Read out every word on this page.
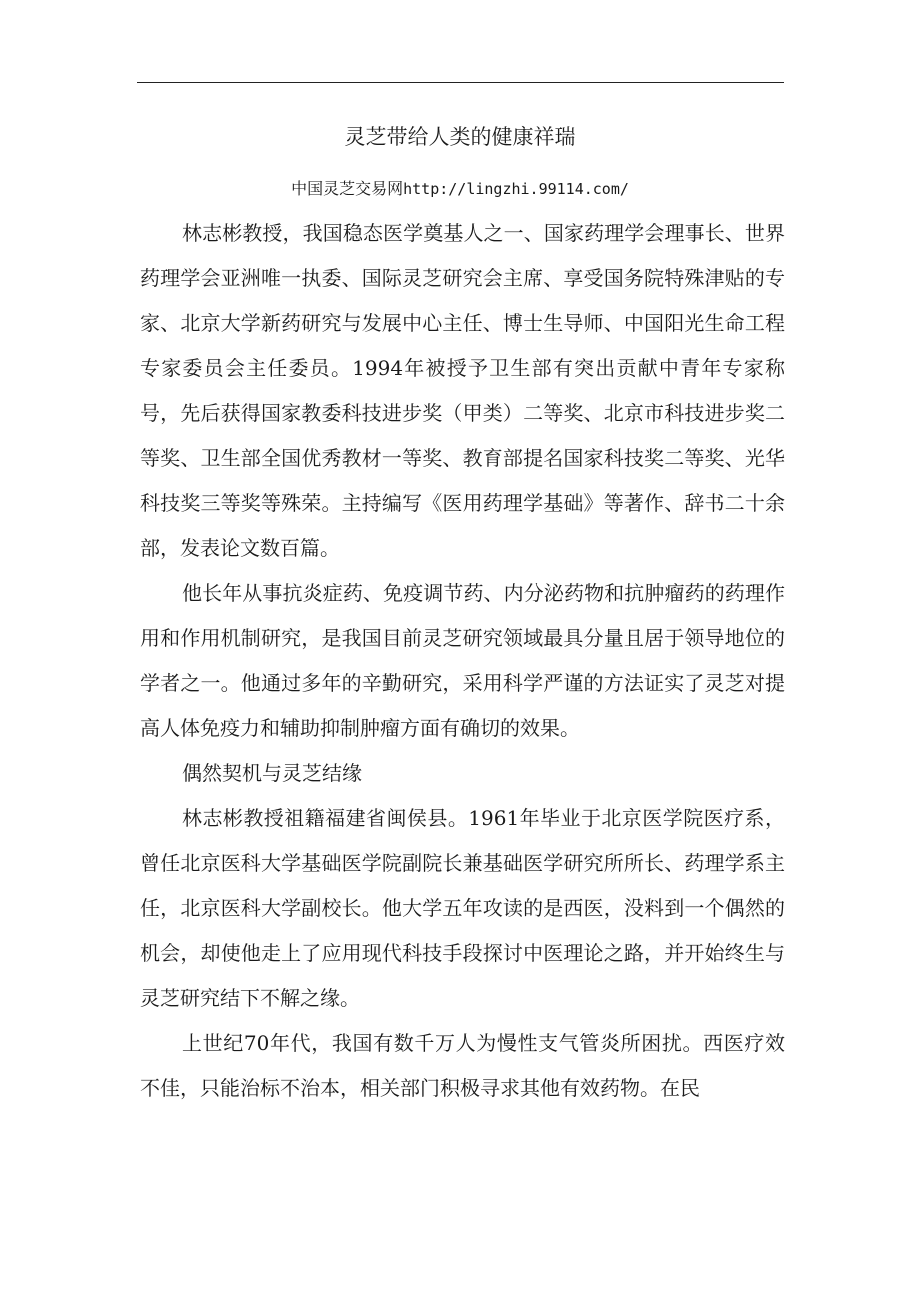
灵芝带给人类的健康祥瑞

中国灵芝交易网http://lingzhi.99114.com/

林志彬教授，我国稳态医学奠基人之一、国家药理学会理事长、世界药理学会亚洲唯一执委、国际灵芝研究会主席、享受国务院特殊津贴的专家、北京大学新药研究与发展中心主任、博士生导师、中国阳光生命工程专家委员会主任委员。1994年被授予卫生部有突出贡献中青年专家称号，先后获得国家教委科技进步奖（甲类）二等奖、北京市科技进步奖二等奖、卫生部全国优秀教材一等奖、教育部提名国家科技奖二等奖、光华科技奖三等奖等殊荣。主持编写《医用药理学基础》等著作、辞书二十余部，发表论文数百篇。

他长年从事抗炎症药、免疫调节药、内分泌药物和抗肿瘤药的药理作用和作用机制研究，是我国目前灵芝研究领域最具分量且居于领导地位的学者之一。他通过多年的辛勤研究，采用科学严谨的方法证实了灵芝对提高人体免疫力和辅助抑制肿瘤方面有确切的效果。

偶然契机与灵芝结缘

林志彬教授祖籍福建省闽侯县。1961年毕业于北京医学院医疗系，曾任北京医科大学基础医学院副院长兼基础医学研究所所长、药理学系主任，北京医科大学副校长。他大学五年攻读的是西医，没料到一个偶然的机会，却使他走上了应用现代科技手段探讨中医理论之路，并开始终生与灵芝研究结下不解之缘。

上世纪70年代，我国有数千万人为慢性支气管炎所困扰。西医疗效不佳，只能治标不治本，相关部门积极寻求其他有效药物。在民
